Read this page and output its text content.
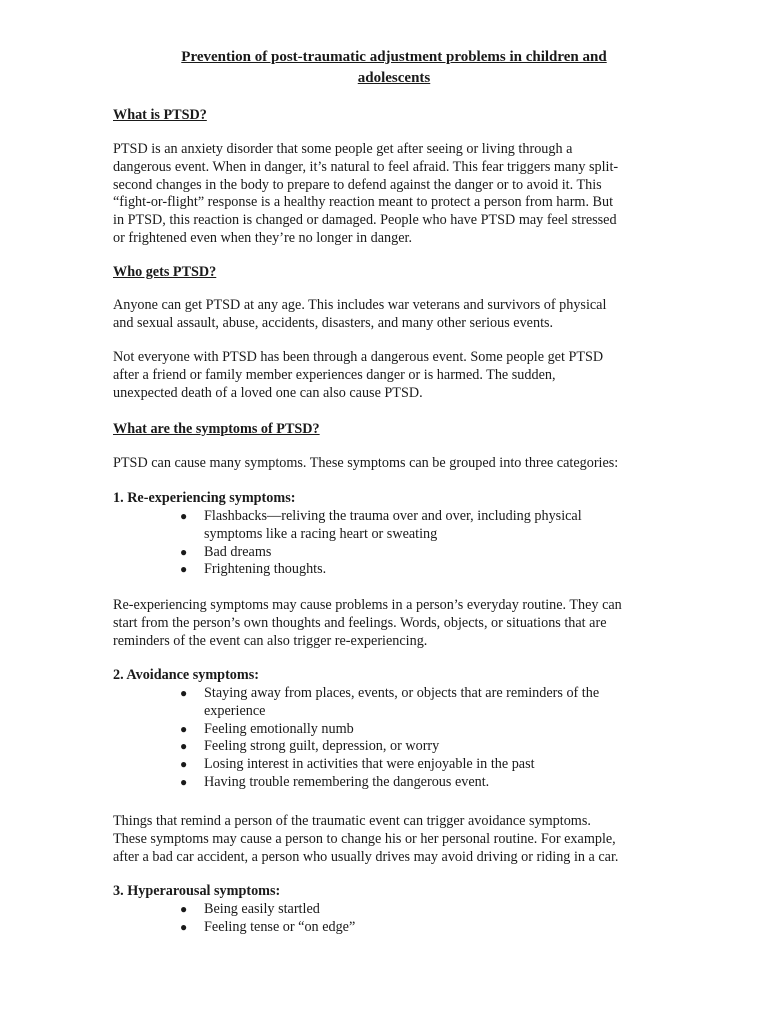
Prevention of post-traumatic adjustment problems in children and
adolescents
What is PTSD?
PTSD is an anxiety disorder that some people get after seeing or living through a
dangerous event. When in danger, it’s natural to feel afraid. This fear triggers many split-
second changes in the body to prepare to defend against the danger or to avoid it. This
“fight-or-flight” response is a healthy reaction meant to protect a person from harm. But
in PTSD, this reaction is changed or damaged. People who have PTSD may feel stressed
or frightened even when they’re no longer in danger.
Who gets PTSD?
Anyone can get PTSD at any age. This includes war veterans and survivors of physical
and sexual assault, abuse, accidents, disasters, and many other serious events.
Not everyone with PTSD has been through a dangerous event. Some people get PTSD
after a friend or family member experiences danger or is harmed. The sudden,
unexpected death of a loved one can also cause PTSD.
What are the symptoms of PTSD?
PTSD can cause many symptoms. These symptoms can be grouped into three categories:
1. Re-experiencing symptoms:
● Flashbacks—reliving the trauma over and over, including physical
symptoms like a racing heart or sweating
● Bad dreams
● Frightening thoughts.
Re-experiencing symptoms may cause problems in a person’s everyday routine. They can
start from the person’s own thoughts and feelings. Words, objects, or situations that are
reminders of the event can also trigger re-experiencing.
2. Avoidance symptoms:
● Staying away from places, events, or objects that are reminders of the
experience
● Feeling emotionally numb
● Feeling strong guilt, depression, or worry
● Losing interest in activities that were enjoyable in the past
● Having trouble remembering the dangerous event.
Things that remind a person of the traumatic event can trigger avoidance symptoms.
These symptoms may cause a person to change his or her personal routine. For example,
after a bad car accident, a person who usually drives may avoid driving or riding in a car.
3. Hyperarousal symptoms:
● Being easily startled
● Feeling tense or “on edge”
